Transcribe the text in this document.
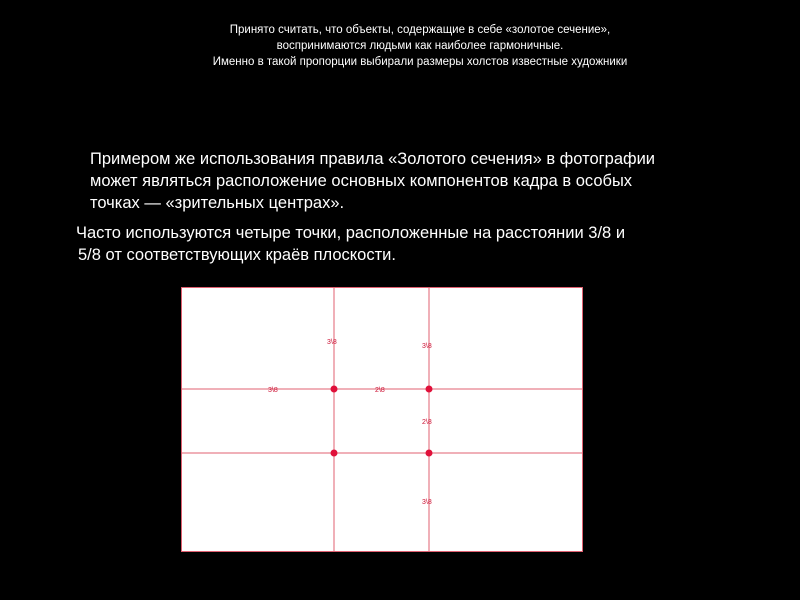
Принято считать, что объекты, содержащие в себе «золотое сечение»,
воспринимаются людьми как наиболее гармоничные.
Именно в такой пропорции выбирали размеры холстов известные художники
Примером же использования правила «Золотого сечения» в фотографии
может являться расположение основных компонентов кадра в особых
точках — «зрительных центрах».
Часто используются четыре точки, расположенные на расстоянии 3/8 и
5/8 от соответствующих краёв плоскости.
3\8
3\8
3\8	2\8
2\8
3\8
